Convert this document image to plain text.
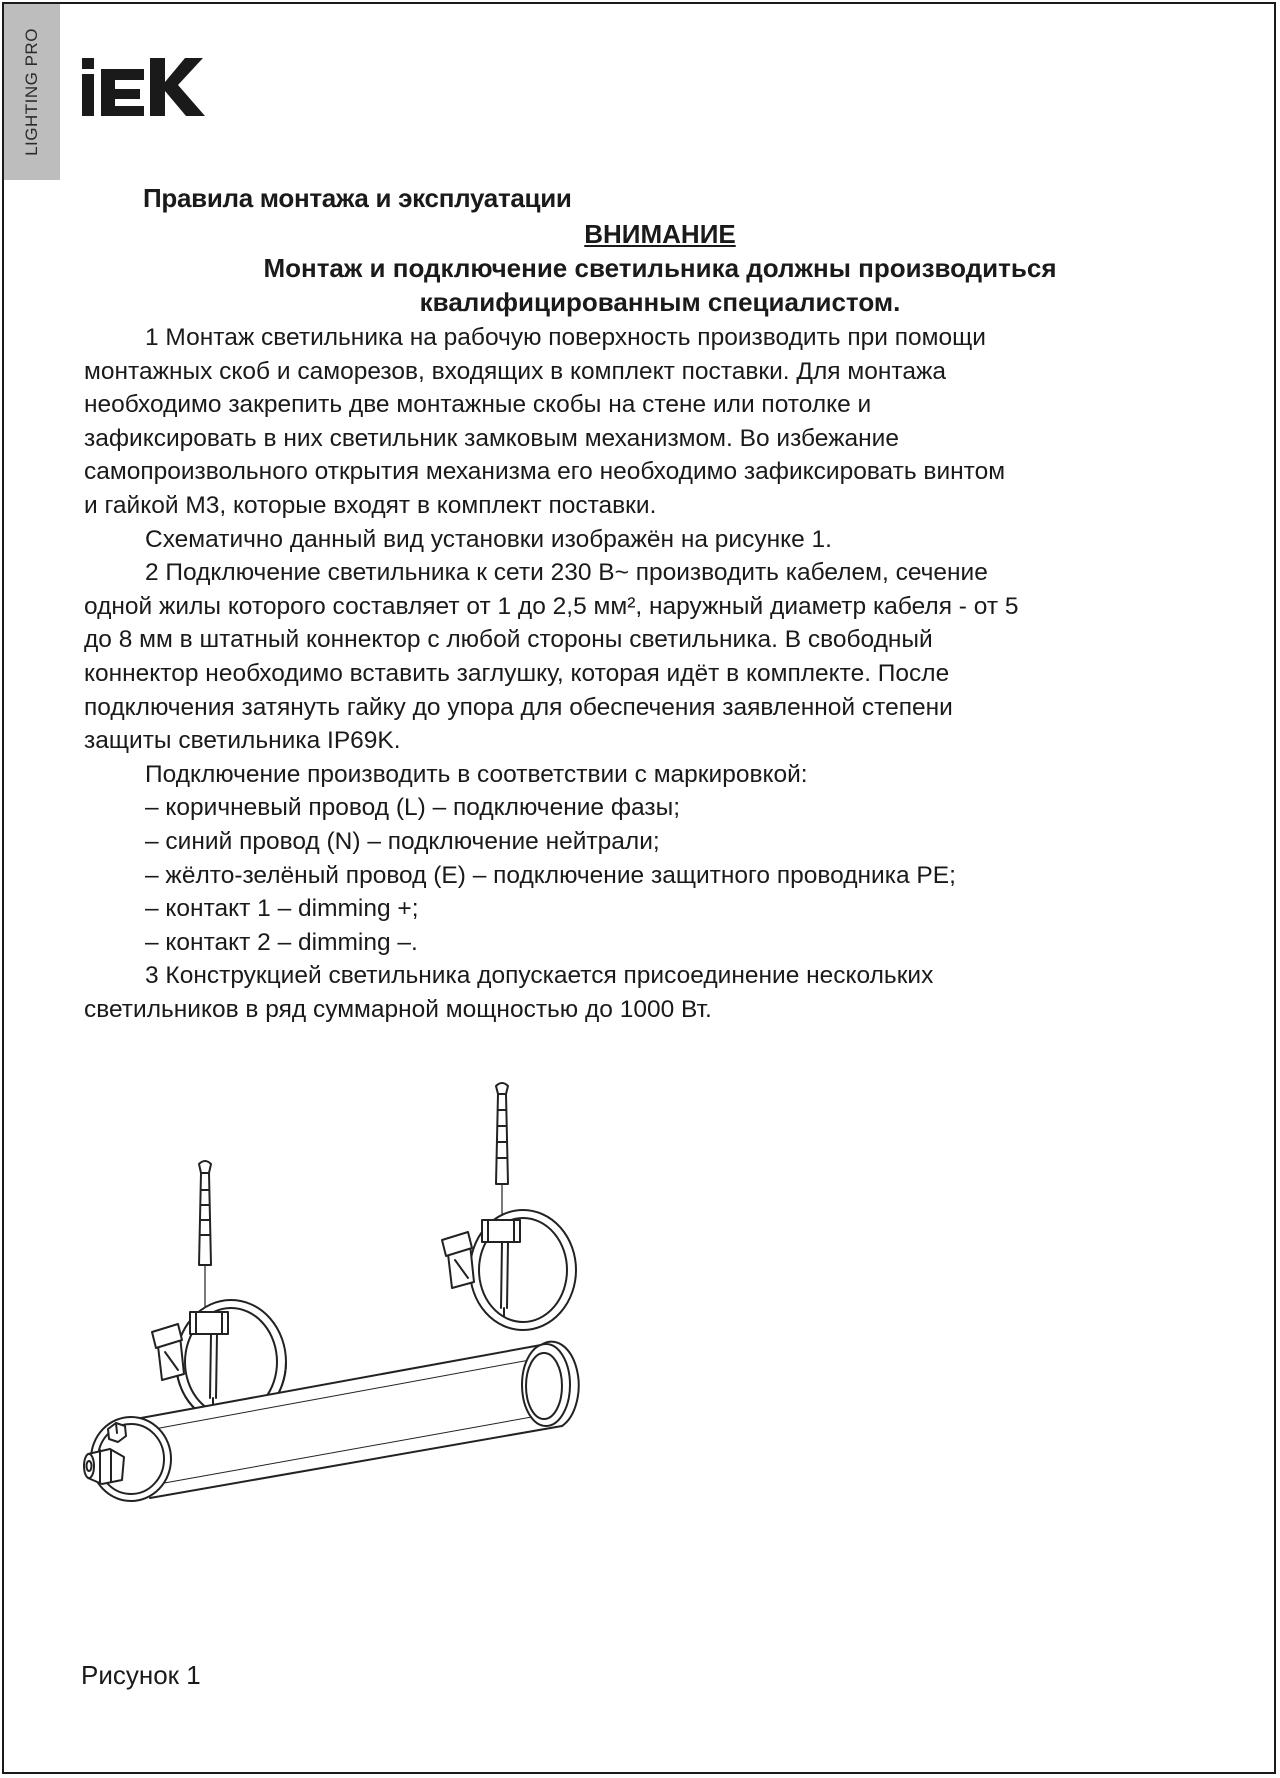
LIGHTING PRO
Правила монтажа и эксплуатации
ВНИМАНИЕ
Монтаж и подключение светильника должны производиться
квалифицированным специалистом.
1 Монтаж светильника на рабочую поверхность производить при помощи
монтажных скоб и саморезов, входящих в комплект поставки. Для монтажа
необходимо закрепить две монтажные скобы на стене или потолке и
зафиксировать в них светильник замковым механизмом. Во избежание
самопроизвольного открытия механизма его необходимо зафиксировать винтом
и гайкой М3, которые входят в комплект поставки.
Схематично данный вид установки изображён на рисунке 1.
2 Подключение светильника к сети 230 В~ производить кабелем, сечение
одной жилы которого составляет от 1 до 2,5 мм², наружный диаметр кабеля - от 5
до 8 мм в штатный коннектор с любой стороны светильника. В свободный
коннектор необходимо вставить заглушку, которая идёт в комплекте. После
подключения затянуть гайку до упора для обеспечения заявленной степени
защиты светильника IP69K.
Подключение производить в соответствии с маркировкой:
– коричневый провод (L) – подключение фазы;
– синий провод (N) – подключение нейтрали;
– жёлто-зелёный провод (E) – подключение защитного проводника PE;
– контакт 1 – dimming +;
– контакт 2 – dimming –.
3 Конструкцией светильника допускается присоединение нескольких
светильников в ряд суммарной мощностью до 1000 Вт.
Рисунок 1
